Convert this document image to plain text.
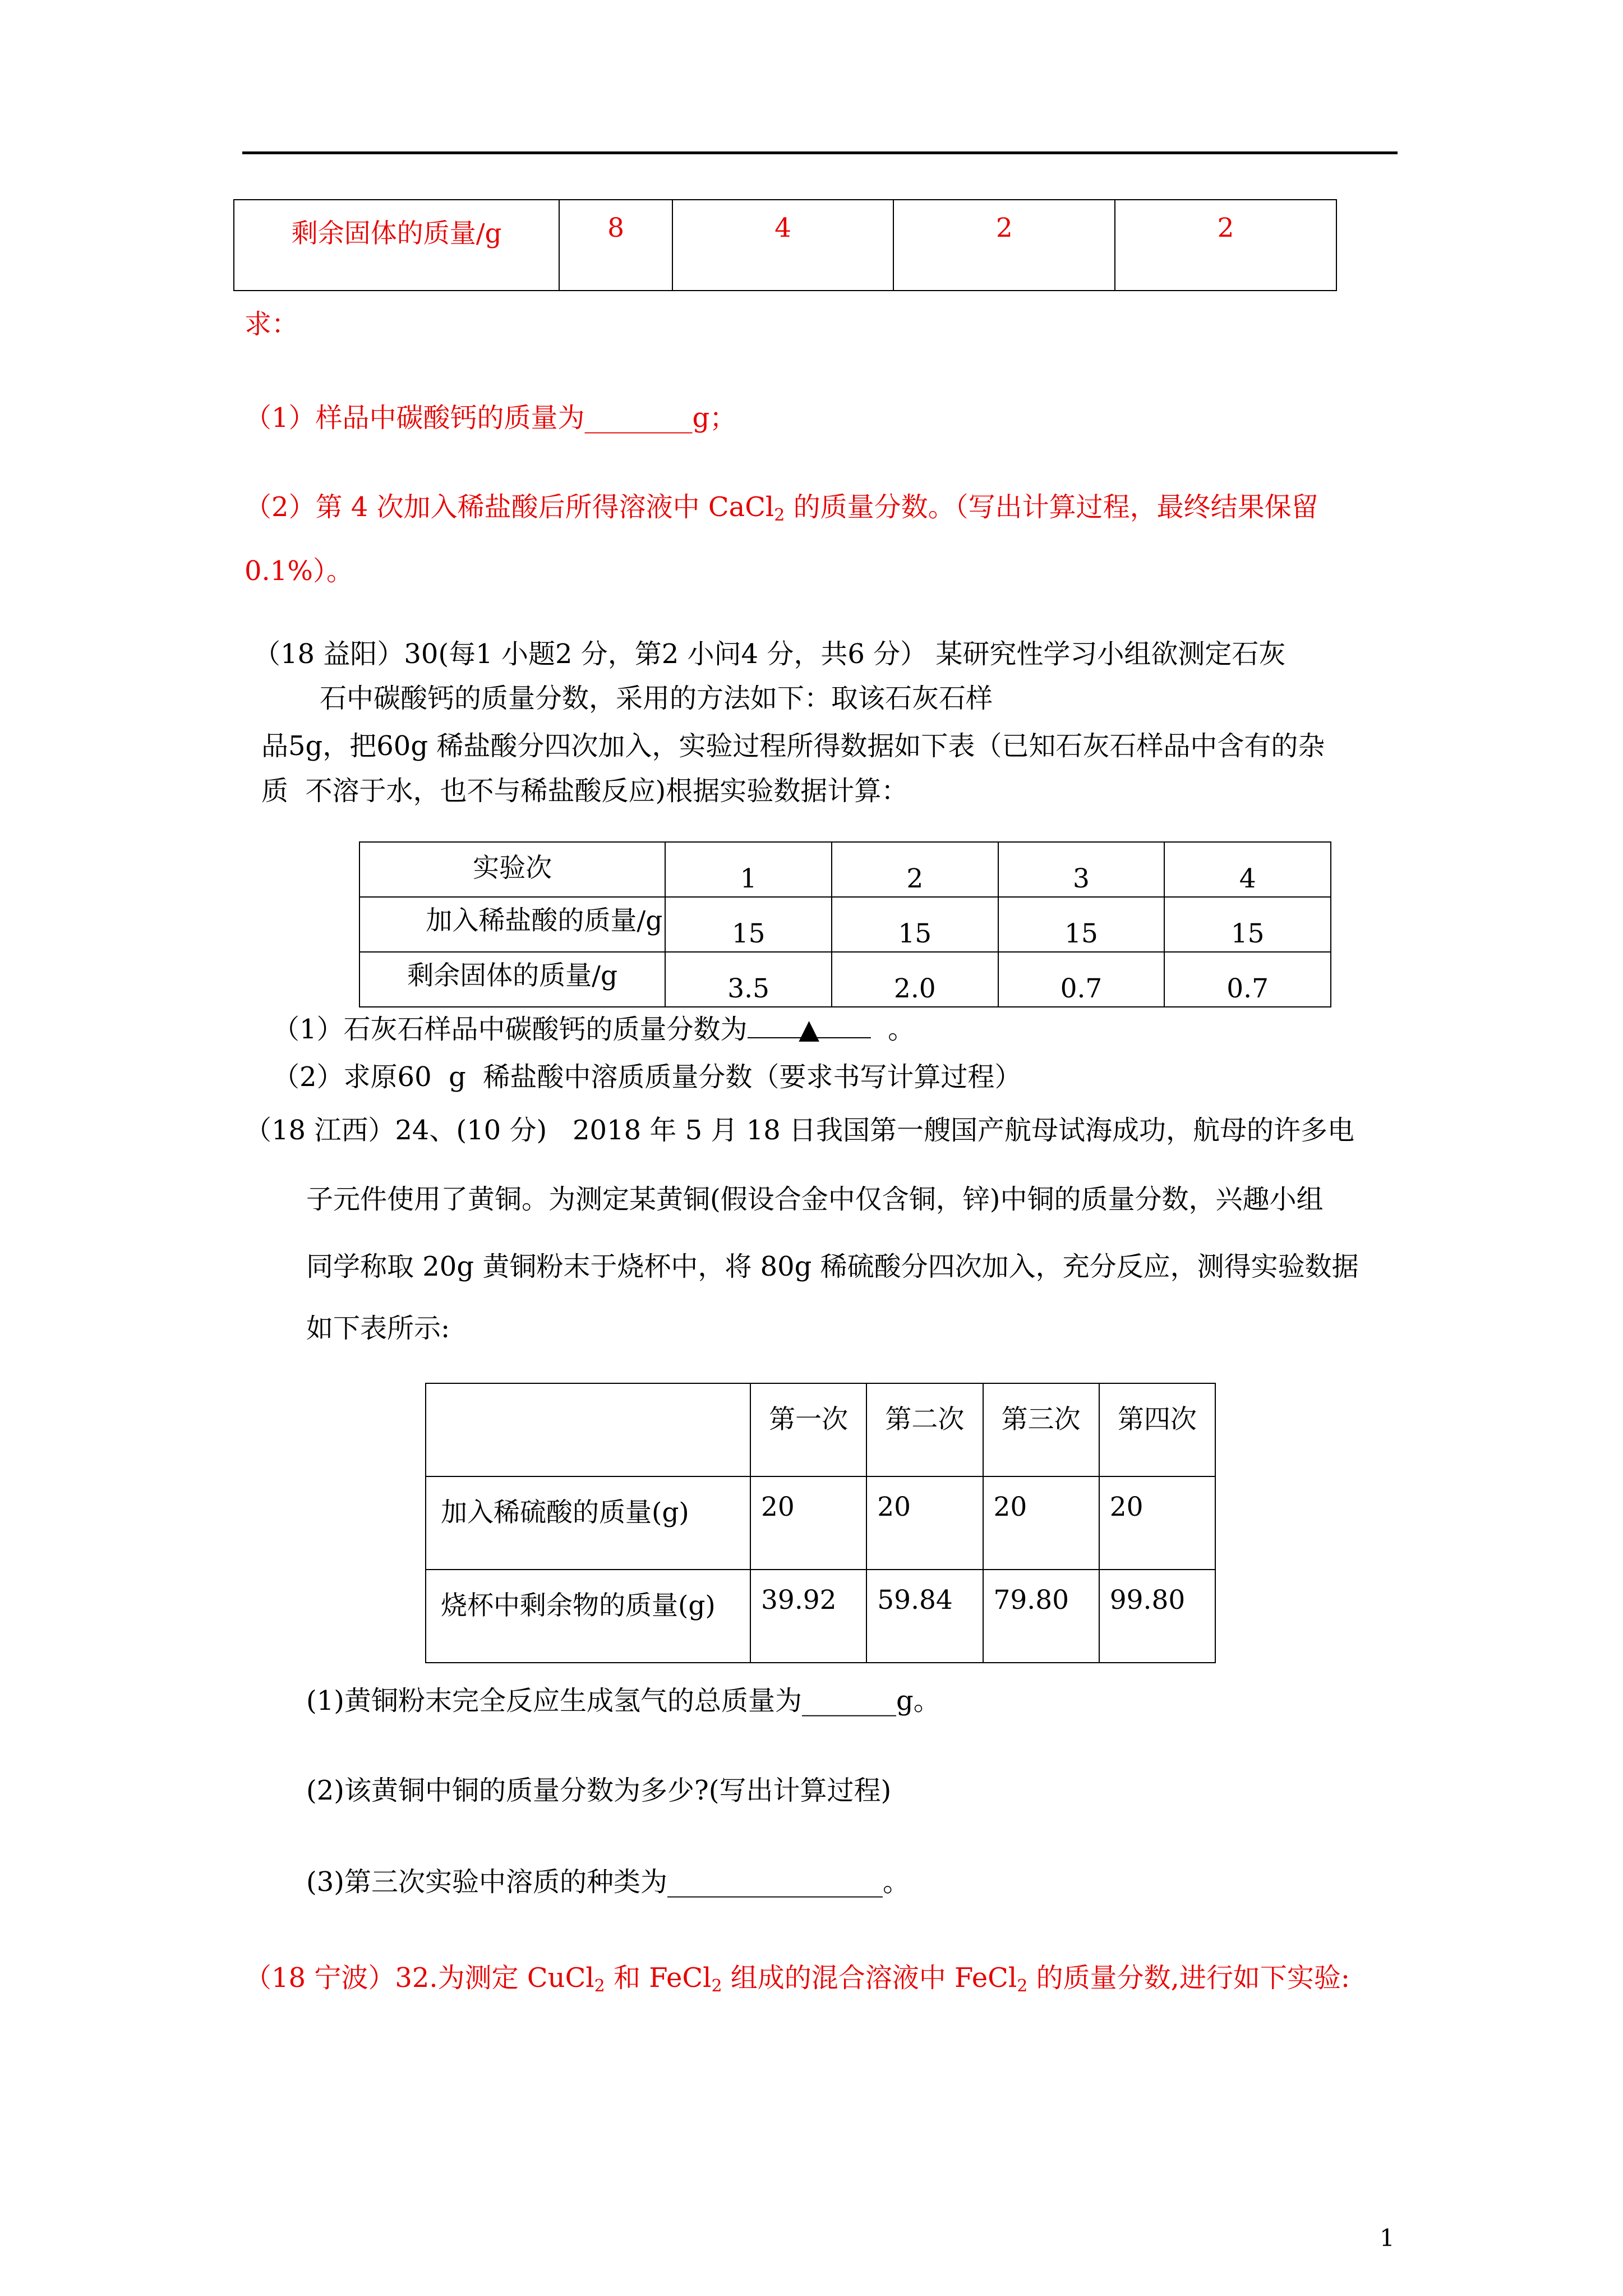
剩余固体的质量/g	8	4	2	2
求：
（1）样品中碳酸钙的质量为________g；
（2）第 4 次加入稀盐酸后所得溶液中 CaCl$_2$ 的质量分数。（写出计算过程，最终结果保留
0.1%）。
（18 益阳）30(每1 小题2 分，第2 小问4 分，共6 分） 某研究性学习小组欲测定石灰
石中碳酸钙的质量分数，采用的方法如下：取该石灰石样
品5g，把60g 稀盐酸分四次加入，实验过程所得数据如下表（已知石灰石样品中含有的杂
质  不溶于水，也不与稀盐酸反应)根据实验数据计算：
实验次	1	2	3	4
加入稀盐酸的质量/g	15	15	15	15
剩余固体的质量/g	3.5	2.0	0.7	0.7
（1）石灰石样品中碳酸钙的质量分数为 ▲  。
（2）求原60  g  稀盐酸中溶质质量分数（要求书写计算过程）
（18 江西）24、(10 分)   2018 年 5 月 18 日我国第一艘国产航母试海成功，航母的许多电
子元件使用了黄铜。为测定某黄铜(假设合金中仅含铜，锌)中铜的质量分数，兴趣小组
同学称取 20g 黄铜粉末于烧杯中，将 80g 稀硫酸分四次加入，充分反应，测得实验数据
如下表所示:
	第一次	第二次	第三次	第四次
加入稀硫酸的质量(g)	20	20	20	20
烧杯中剩余物的质量(g)	39.92	59.84	79.80	99.80
(1)黄铜粉末完全反应生成氢气的总质量为_______g。
(2)该黄铜中铜的质量分数为多少?(写出计算过程)
(3)第三次实验中溶质的种类为________________。
（18 宁波）32.为测定 CuCl$_2$ 和 FeCl$_2$ 组成的混合溶液中 FeCl$_2$ 的质量分数,进行如下实验:
1
